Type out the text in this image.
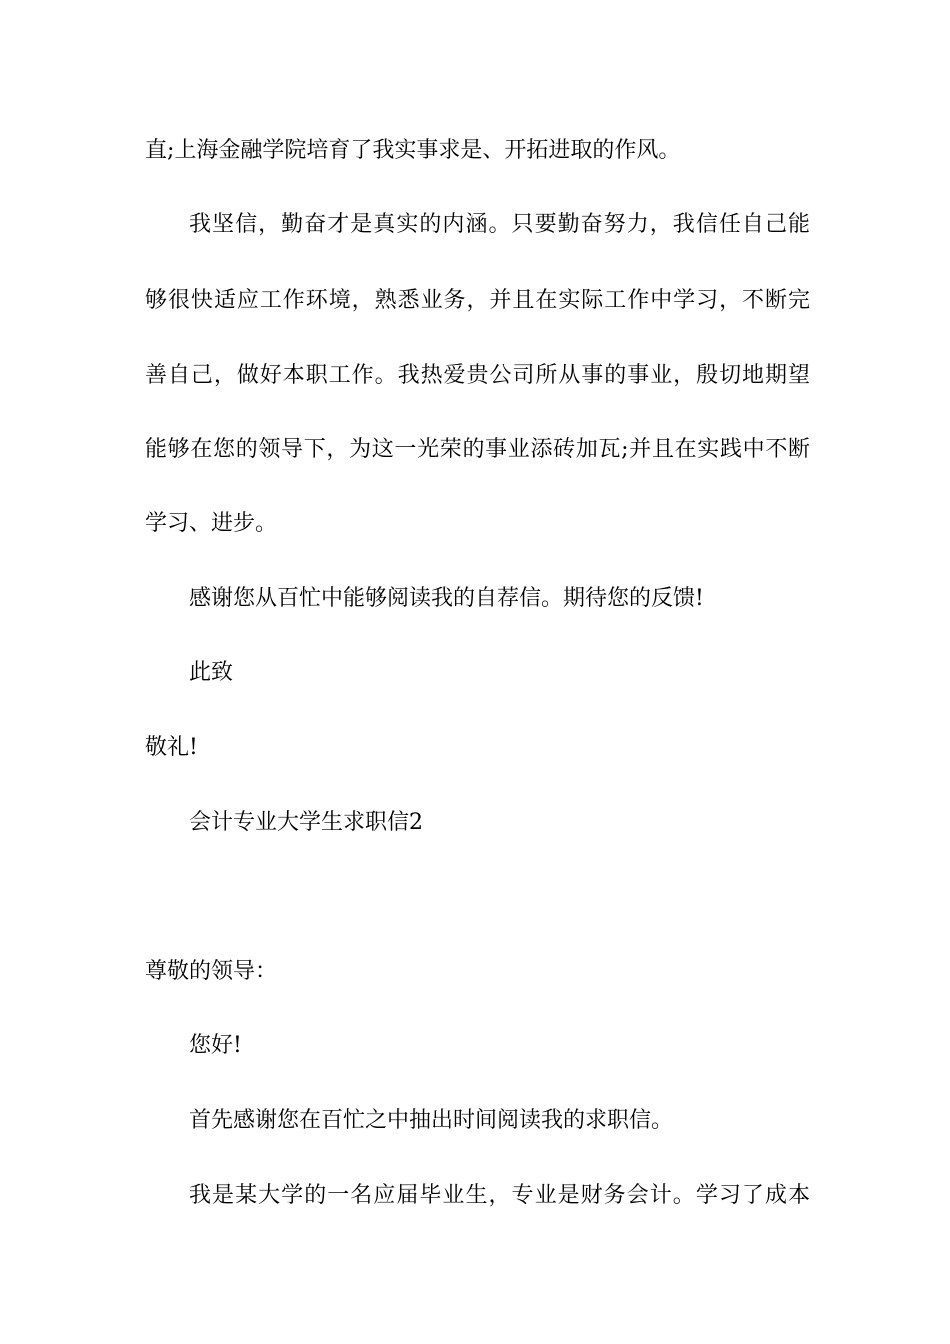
直;上海金融学院培育了我实事求是、开拓进取的作风。

我坚信，勤奋才是真实的内涵。只要勤奋努力，我信任自己能

够很快适应工作环境，熟悉业务，并且在实际工作中学习，不断完

善自己，做好本职工作。我热爱贵公司所从事的事业，殷切地期望

能够在您的领导下，为这一光荣的事业添砖加瓦;并且在实践中不断

学习、进步。

感谢您从百忙中能够阅读我的自荐信。期待您的反馈!

此致

敬礼!

会计专业大学生求职信2

尊敬的领导：

您好!

首先感谢您在百忙之中抽出时间阅读我的求职信。

我是某大学的一名应届毕业生，专业是财务会计。学习了成本
